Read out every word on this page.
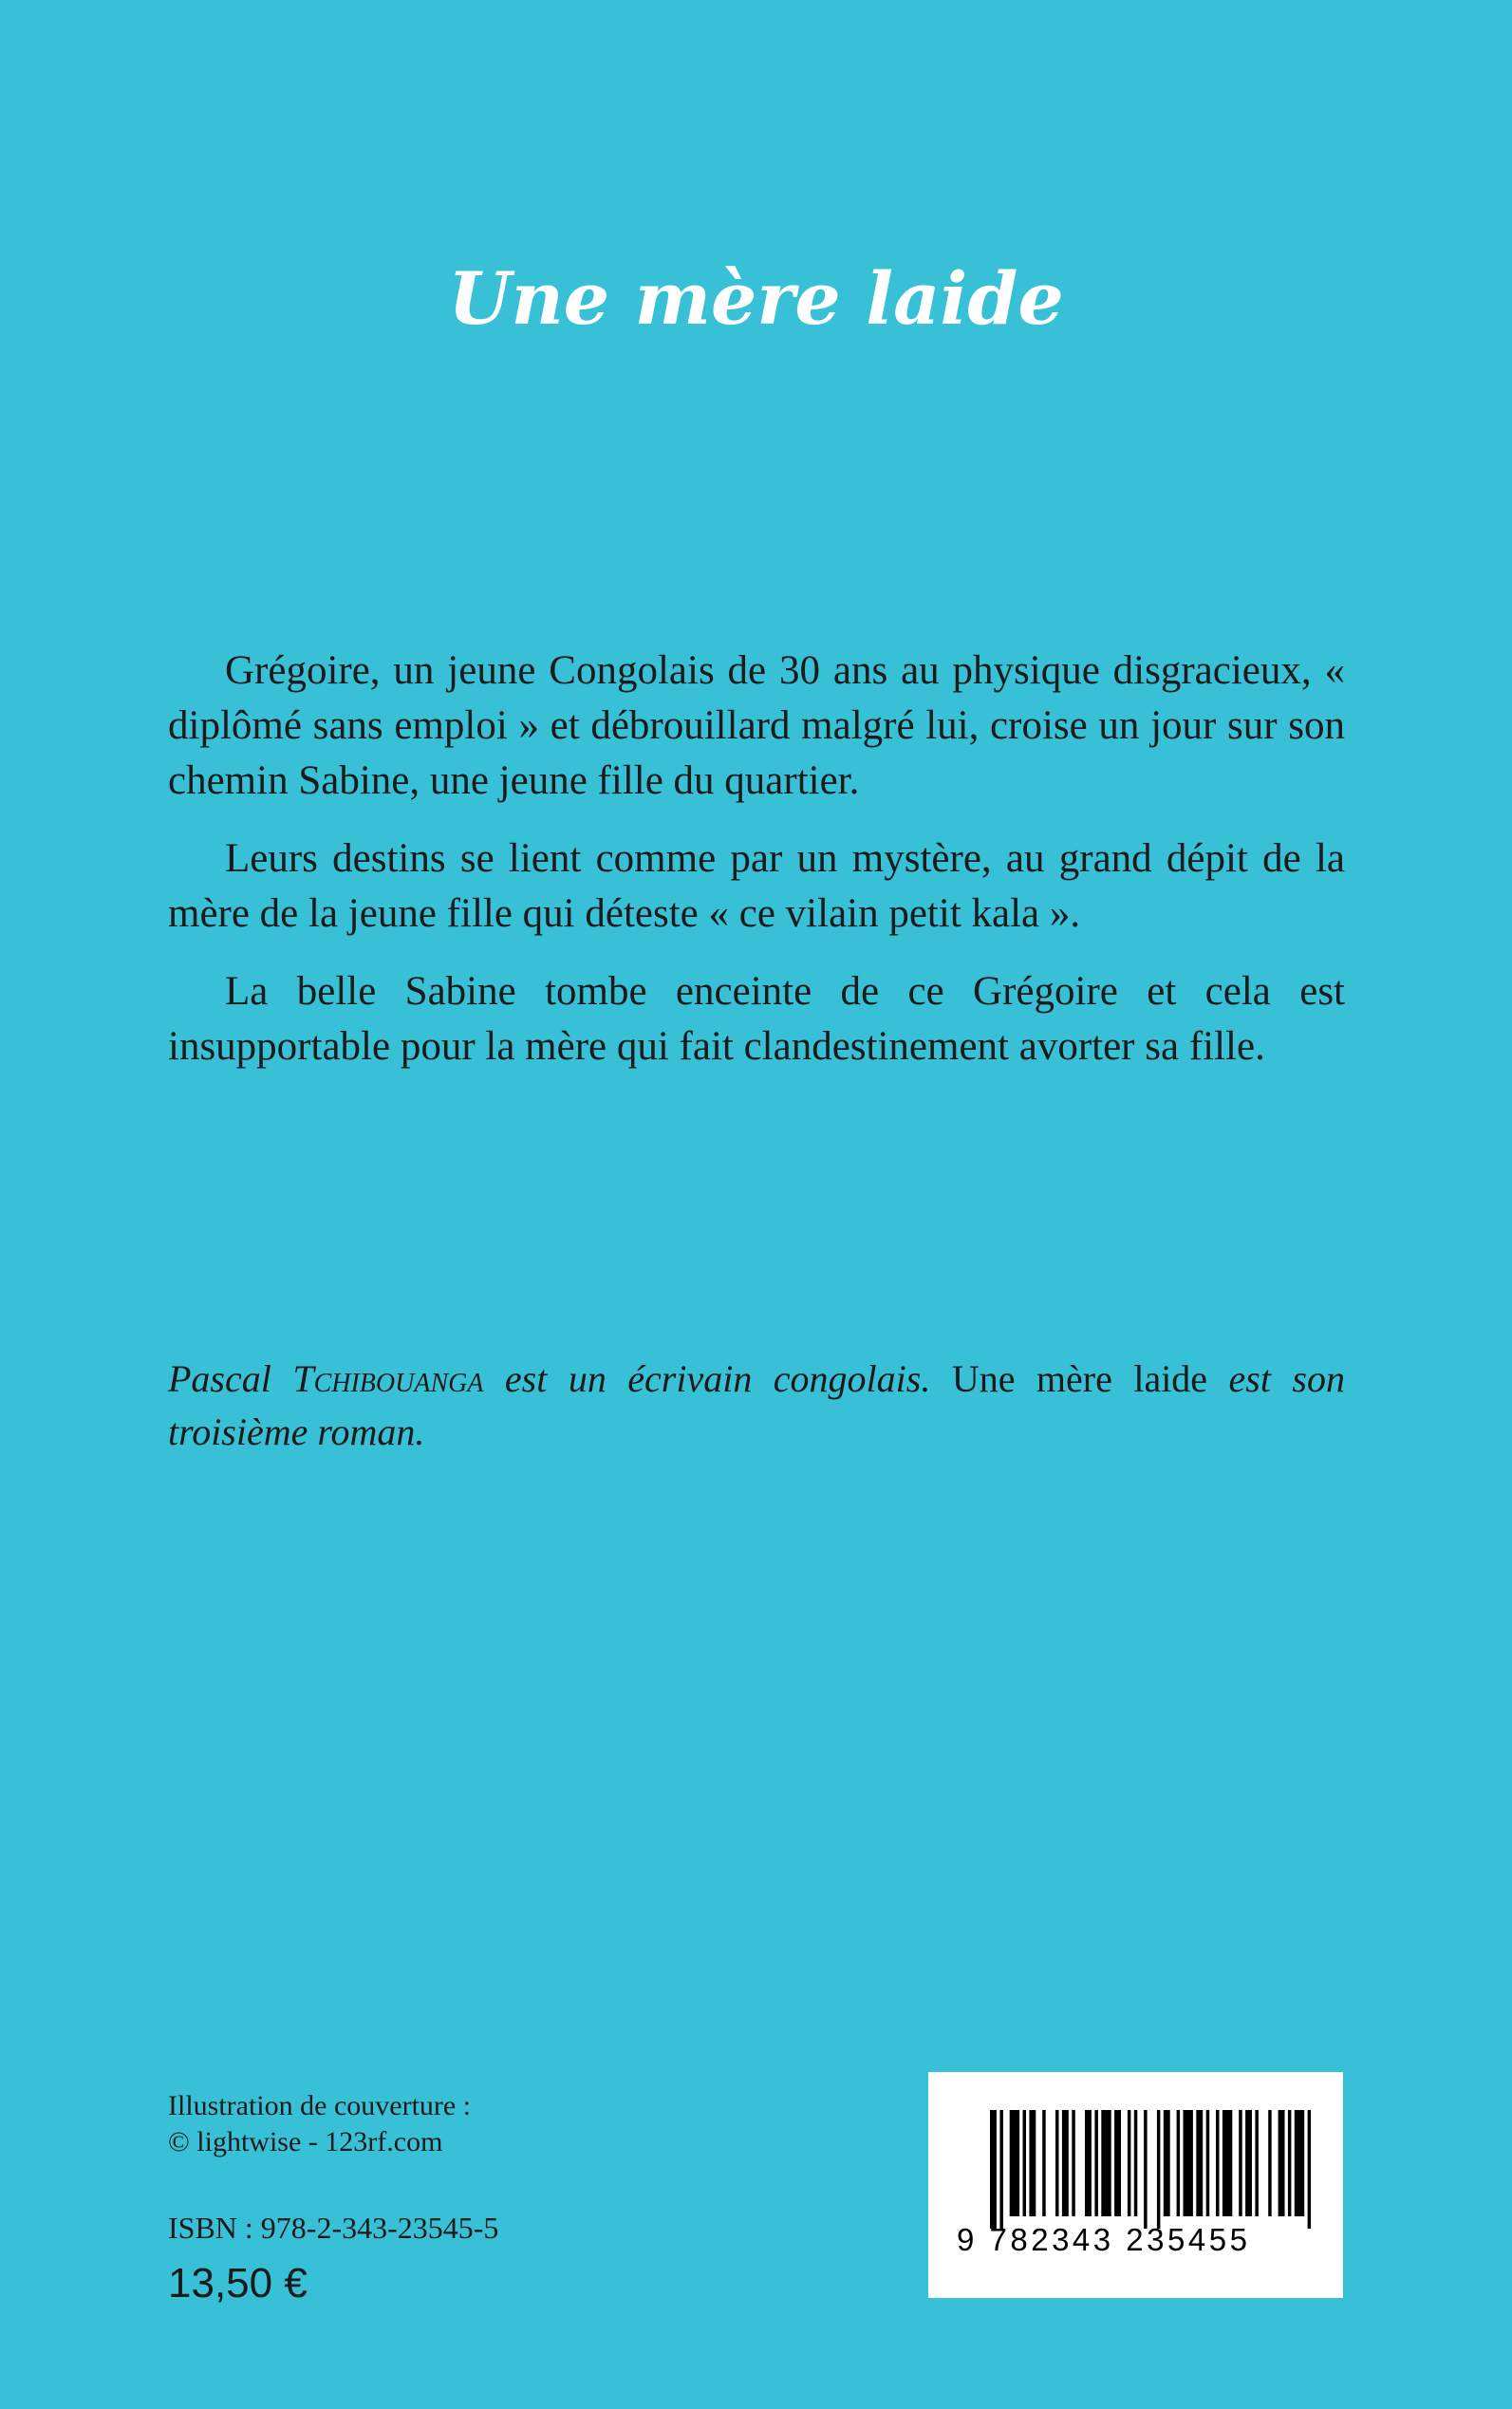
Une mère laide

Grégoire, un jeune Congolais de 30 ans au physique disgracieux, « diplômé sans emploi » et débrouillard malgré lui, croise un jour sur son chemin Sabine, une jeune fille du quartier.

Leurs destins se lient comme par un mystère, au grand dépit de la mère de la jeune fille qui déteste « ce vilain petit kala ».

La belle Sabine tombe enceinte de ce Grégoire et cela est insupportable pour la mère qui fait clandestinement avorter sa fille.

Pascal Tchibouanga est un écrivain congolais. Une mère laide est son troisième roman.

Illustration de couverture :
© lightwise - 123rf.com
ISBN : 978-2-343-23545-5
13,50 €
9 782343 235455
